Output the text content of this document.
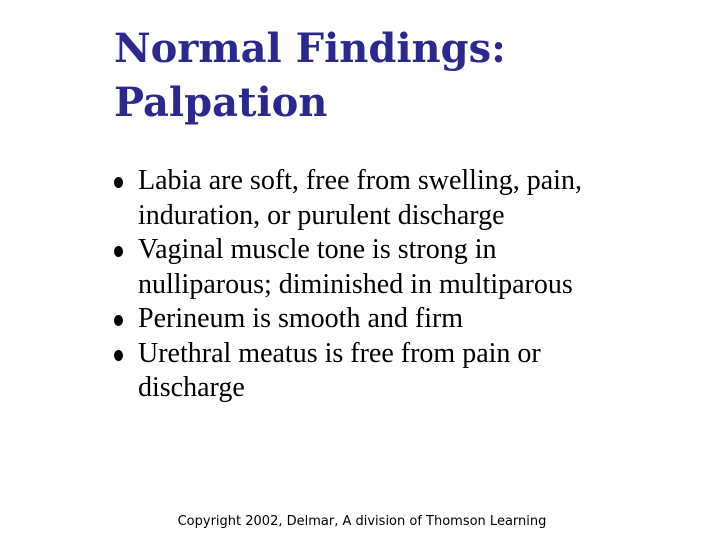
Normal Findings: Palpation
Labia are soft, free from swelling, pain, induration, or purulent discharge
Vaginal muscle tone is strong in nulliparous; diminished in multiparous
Perineum is smooth and firm
Urethral meatus is free from pain or discharge
Copyright 2002, Delmar, A division of Thomson Learning
